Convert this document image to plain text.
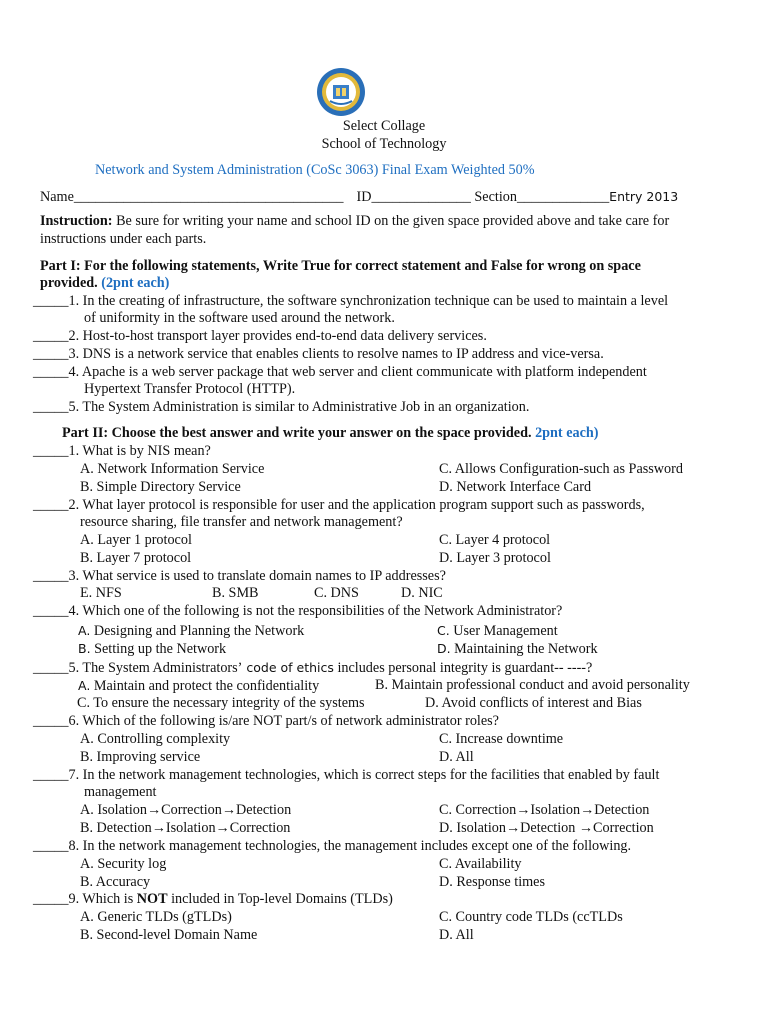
Select Collage
School of Technology
Network and System Administration (CoSc 3063) Final Exam Weighted 50%
Name______________________________________ ID______________ Section_____________Entry 2013
Instruction: Be sure for writing your name and school ID on the given space provided above and take care for
instructions under each parts.
Part I: For the following statements, Write True for correct statement and False for wrong on space
provided. (2pnt each)
_____1. In the creating of infrastructure, the software synchronization technique can be used to maintain a level
of uniformity in the software used around the network.
_____2. Host-to-host transport layer provides end-to-end data delivery services.
_____3. DNS is a network service that enables clients to resolve names to IP address and vice-versa.
_____4. Apache is a web server package that web server and client communicate with platform independent
Hypertext Transfer Protocol (HTTP).
_____5. The System Administration is similar to Administrative Job in an organization.
Part II: Choose the best answer and write your answer on the space provided. 2pnt each)
_____1. What is by NIS mean?
A. Network Information Service	C. Allows Configuration-such as Password
B. Simple Directory Service	D. Network Interface Card
_____2. What layer protocol is responsible for user and the application program support such as passwords,
resource sharing, file transfer and network management?
A. Layer 1 protocol	C. Layer 4 protocol
B. Layer 7 protocol	D. Layer 3 protocol
_____3. What service is used to translate domain names to IP addresses?
E. NFS	B. SMB	C. DNS	D. NIC
_____4. Which one of the following is not the responsibilities of the Network Administrator?
A. Designing and Planning the Network	C. User Management
B. Setting up the Network	D. Maintaining the Network
_____5. The System Administrators’ code of ethics includes personal integrity is guardant-- ----?
A. Maintain and protect the confidentiality	B. Maintain professional conduct and avoid personality
C. To ensure the necessary integrity of the systems	D. Avoid conflicts of interest and Bias
_____6. Which of the following is/are NOT part/s of network administrator roles?
A. Controlling complexity	C. Increase downtime
B. Improving service	D. All
_____7. In the network management technologies, which is correct steps for the facilities that enabled by fault
management
A. Isolation→Correction→Detection	C. Correction→Isolation→Detection
B. Detection→Isolation→Correction	D. Isolation→Detection →Correction
_____8. In the network management technologies, the management includes except one of the following.
A. Security log	C. Availability
B. Accuracy	D. Response times
_____9. Which is NOT included in Top-level Domains (TLDs)
A. Generic TLDs (gTLDs)	C. Country code TLDs (ccTLDs
B. Second-level Domain Name	D. All
